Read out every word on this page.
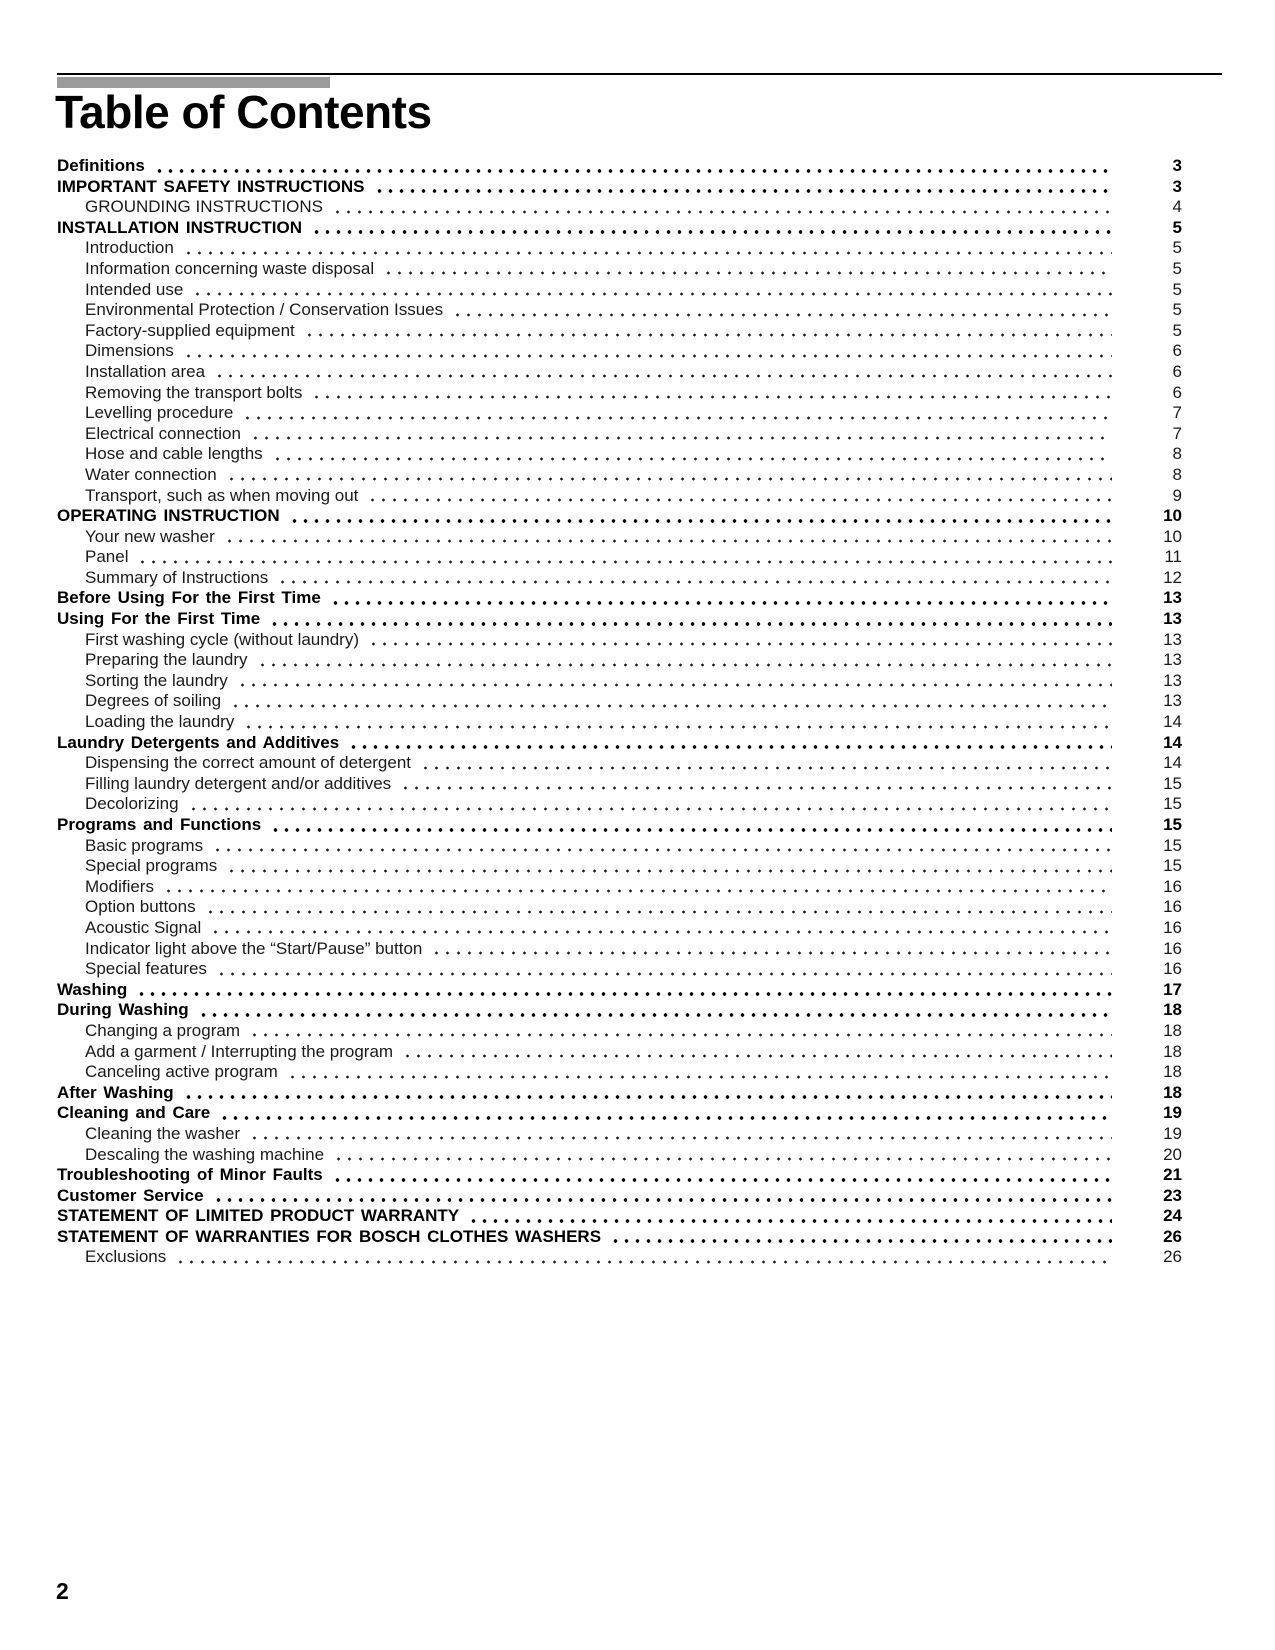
Table of Contents
Definitions	3
IMPORTANT SAFETY INSTRUCTIONS	3
GROUNDING INSTRUCTIONS	4
INSTALLATION INSTRUCTION	5
Introduction	5
Information concerning waste disposal	5
Intended use	5
Environmental Protection / Conservation Issues	5
Factory-supplied equipment	5
Dimensions	6
Installation area	6
Removing the transport bolts	6
Levelling procedure	7
Electrical connection	7
Hose and cable lengths	8
Water connection	8
Transport, such as when moving out	9
OPERATING INSTRUCTION	10
Your new washer	10
Panel	11
Summary of Instructions	12
Before Using For the First Time	13
Using For the First Time	13
First washing cycle (without laundry)	13
Preparing the laundry	13
Sorting the laundry	13
Degrees of soiling	13
Loading the laundry	14
Laundry Detergents and Additives	14
Dispensing the correct amount of detergent	14
Filling laundry detergent and/or additives	15
Decolorizing	15
Programs and Functions	15
Basic programs	15
Special programs	15
Modifiers	16
Option buttons	16
Acoustic Signal	16
Indicator light above the “Start/Pause” button	16
Special features	16
Washing	17
During Washing	18
Changing a program	18
Add a garment / Interrupting the program	18
Canceling active program	18
After Washing	18
Cleaning and Care	19
Cleaning the washer	19
Descaling the washing machine	20
Troubleshooting of Minor Faults	21
Customer Service	23
STATEMENT OF LIMITED PRODUCT WARRANTY	24
STATEMENT OF WARRANTIES FOR BOSCH CLOTHES WASHERS	26
Exclusions	26
2
